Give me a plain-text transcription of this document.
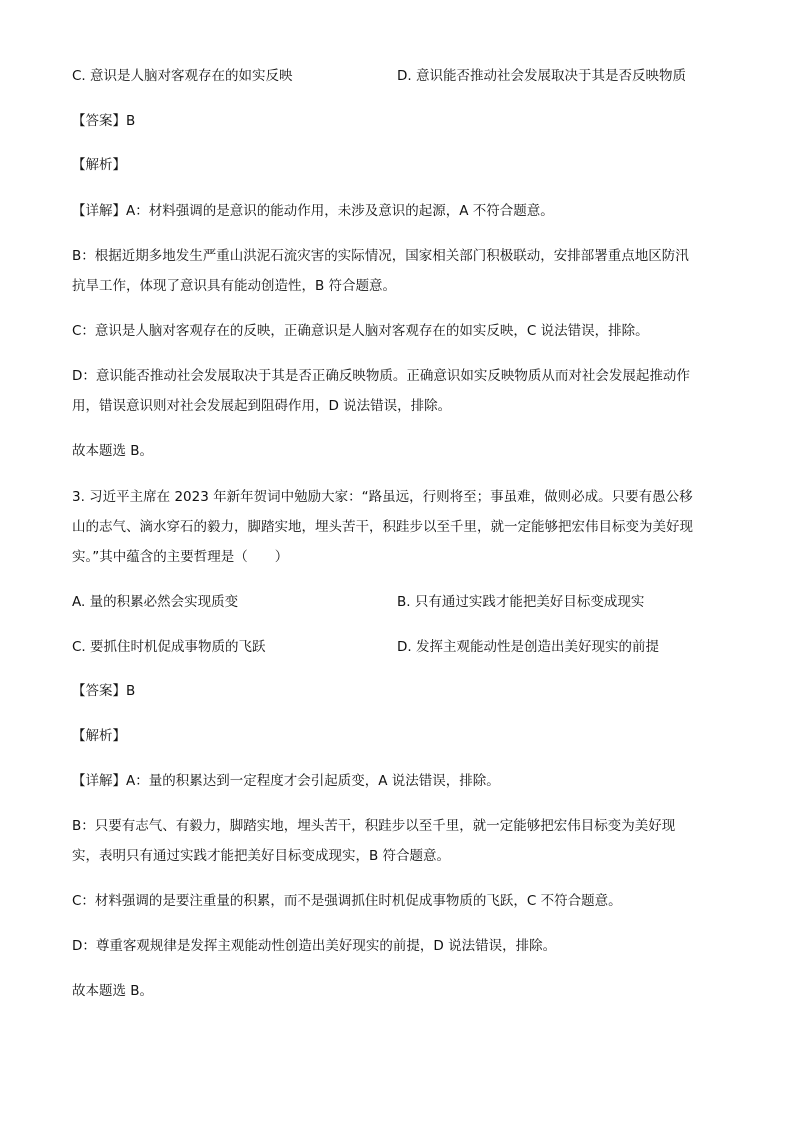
C. 意识是人脑对客观存在的如实反映	D. 意识能否推动社会发展取决于其是否反映物质
【答案】B
【解析】
【详解】A：材料强调的是意识的能动作用，未涉及意识的起源，A 不符合题意。
B：根据近期多地发生严重山洪泥石流灾害的实际情况，国家相关部门积极联动，安排部署重点地区防汛
抗旱工作，体现了意识具有能动创造性，B 符合题意。
C：意识是人脑对客观存在的反映，正确意识是人脑对客观存在的如实反映，C 说法错误，排除。
D：意识能否推动社会发展取决于其是否正确反映物质。正确意识如实反映物质从而对社会发展起推动作
用，错误意识则对社会发展起到阻碍作用，D 说法错误，排除。
故本题选 B。
3. 习近平主席在 2023 年新年贺词中勉励大家：“路虽远，行则将至；事虽难，做则必成。只要有愚公移
山的志气、滴水穿石的毅力，脚踏实地，埋头苦干，积跬步以至千里，就一定能够把宏伟目标变为美好现
实。”其中蕴含的主要哲理是（　　）
A. 量的积累必然会实现质变	B. 只有通过实践才能把美好目标变成现实
C. 要抓住时机促成事物质的飞跃	D. 发挥主观能动性是创造出美好现实的前提
【答案】B
【解析】
【详解】A：量的积累达到一定程度才会引起质变，A 说法错误，排除。
B：只要有志气、有毅力，脚踏实地，埋头苦干，积跬步以至千里，就一定能够把宏伟目标变为美好现
实，表明只有通过实践才能把美好目标变成现实，B 符合题意。
C：材料强调的是要注重量的积累，而不是强调抓住时机促成事物质的飞跃，C 不符合题意。
D：尊重客观规律是发挥主观能动性创造出美好现实的前提，D 说法错误，排除。
故本题选 B。
